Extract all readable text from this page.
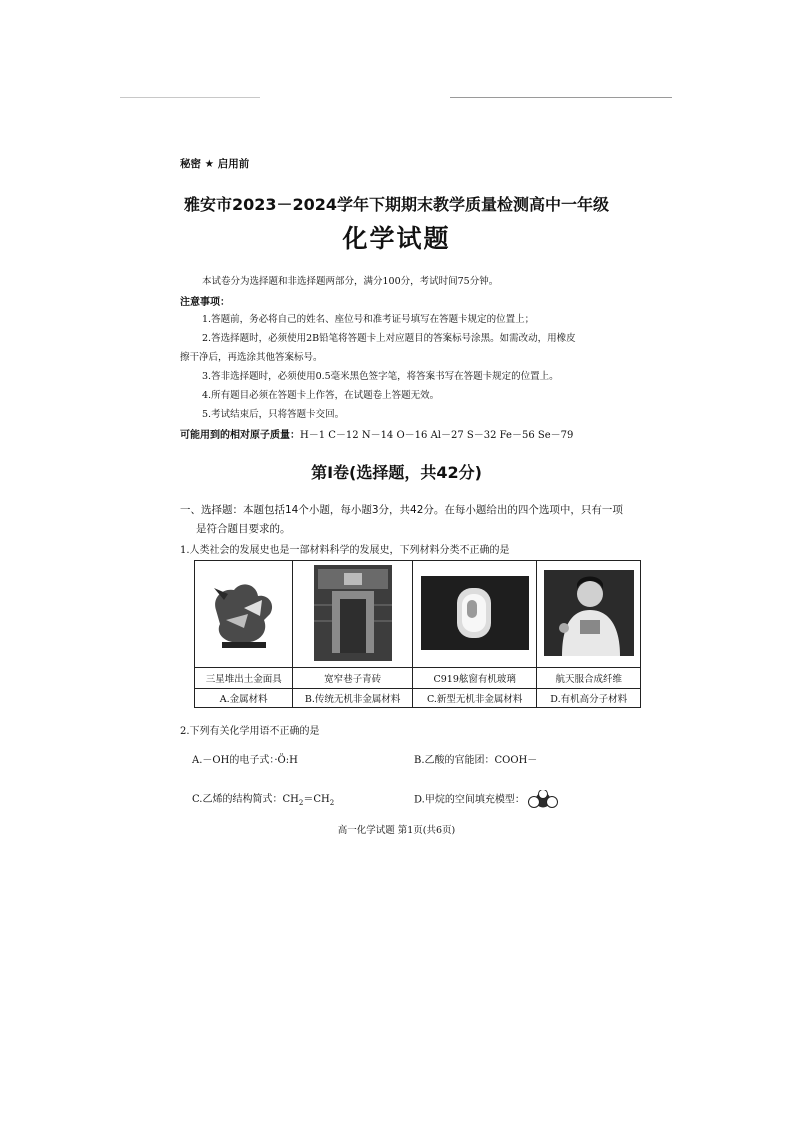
秘密 ★ 启用前
雅安市2023－2024学年下期期末教学质量检测高中一年级
化学试题
本试卷分为选择题和非选择题两部分，满分100分，考试时间75分钟。
注意事项：
1.答题前，务必将自己的姓名、座位号和准考证号填写在答题卡规定的位置上；
2.答选择题时，必须使用2B铅笔将答题卡上对应题目的答案标号涂黑。如需改动，用橡皮
擦干净后，再选涂其他答案标号。
3.答非选择题时，必须使用0.5毫米黑色签字笔，将答案书写在答题卡规定的位置上。
4.所有题目必须在答题卡上作答，在试题卷上答题无效。
5.考试结束后，只将答题卡交回。
可能用到的相对原子质量：H－1 C－12 N－14 O－16 Al－27 S－32 Fe－56 Se－79
第Ⅰ卷(选择题，共42分)
一、选择题：本题包括14个小题，每小题3分，共42分。在每小题给出的四个选项中，只有一项
是符合题目要求的。
1.人类社会的发展史也是一部材料科学的发展史，下列材料分类不正确的是

三星堆出土金面具	宽窄巷子青砖	C919舷窗有机玻璃	航天服合成纤维
A.金属材料	B.传统无机非金属材料	C.新型无机非金属材料	D.有机高分子材料
2.下列有关化学用语不正确的是
A.－OH的电子式：·Ö:H	B.乙酸的官能团：COOH－
C.乙烯的结构简式：$CH_2=CH_2$	D.甲烷的空间填充模型：
高一化学试题 第1页(共6页)
